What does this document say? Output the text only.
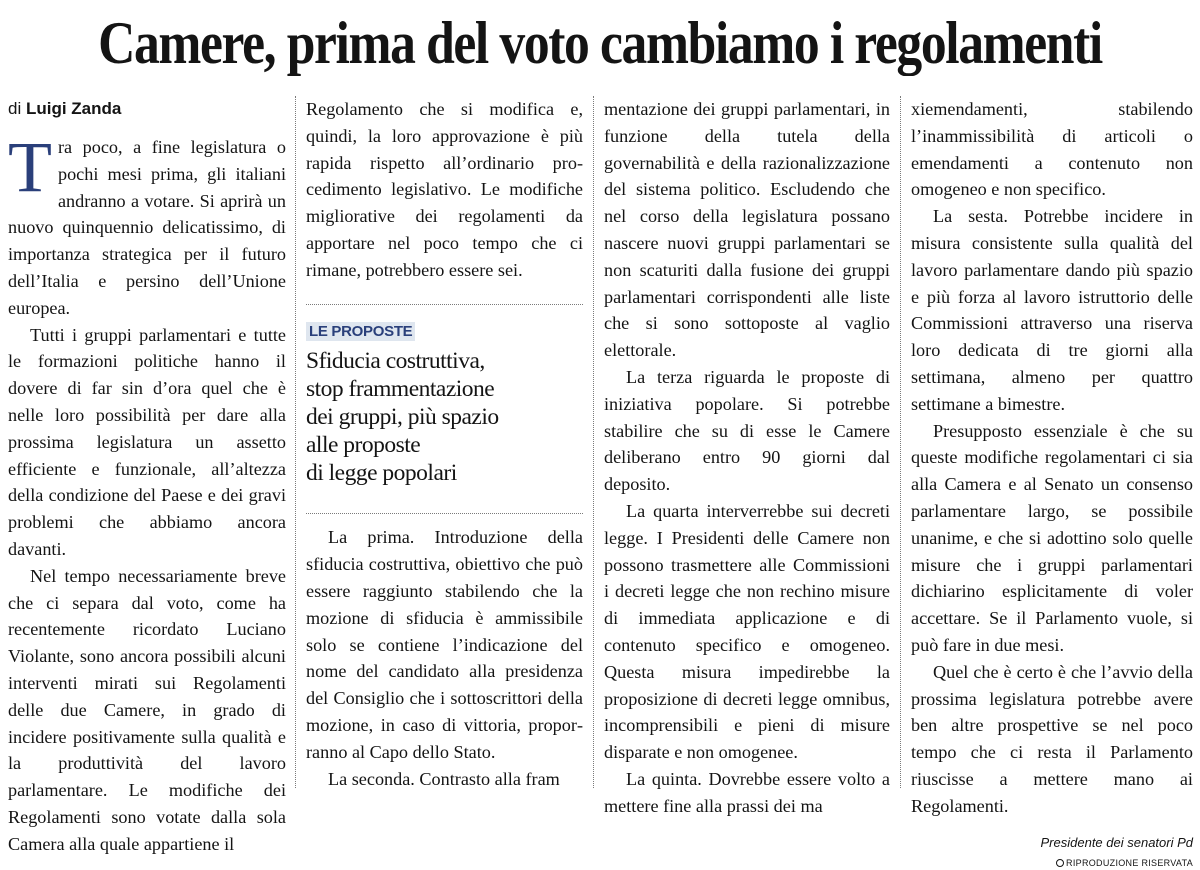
Camere, prima del voto cambiamo i regolamenti
di Luigi Zanda

Tra poco, a fine legislatura o pochi mesi prima, gli italiani andranno a votare. Si aprirà un nuovo quinquennio delicatissimo, di importanza strategica per il futuro dell’Italia e persino dell’Unione europea.

Tutti i gruppi parlamentari e tutte le formazioni politiche hanno il dovere di far sin d’ora quel che è nelle loro possibilità per dare alla prossima legislatura un assetto efficiente e funzionale, all’altezza della condizione del Paese e dei gravi problemi che abbiamo ancora davanti.

Nel tempo necessariamente breve che ci separa dal voto, come ha recentemente ricordato Luciano Violante, sono ancora possibili alcuni interventi mirati sui Regolamenti delle due Camere, in grado di incidere positivamente sulla qualità e la produttività del lavoro parlamentare. Le modifiche dei Regolamenti sono votate dalla sola Camera alla quale appartiene il

Regolamento che si modifica e, quindi, la loro approvazione è più rapida rispetto all’ordinario procedimento legislativo. Le modifiche migliorative dei regolamenti da apportare nel poco tempo che ci rimane, potrebbero essere sei.

LE PROPOSTE
Sfiducia costruttiva,
stop frammentazione
dei gruppi, più spazio
alle proposte
di legge popolari

La prima. Introduzione della sfiducia costruttiva, obiettivo che può essere raggiunto stabilendo che la mozione di sfiducia è ammissibile solo se contiene l’indicazione del nome del candidato alla presidenza del Consiglio che i sottoscrittori della mozione, in caso di vittoria, proporranno al Capo dello Stato.

La seconda. Contrasto alla fram

mentazione dei gruppi parlamentari, in funzione della tutela della governabilità e della razionalizzazione del sistema politico. Escludendo che nel corso della legislatura possano nascere nuovi gruppi parlamentari se non scaturiti dalla fusione dei gruppi parlamentari corrispondenti alle liste che si sono sottoposte al vaglio elettorale.

La terza riguarda le proposte di iniziativa popolare. Si potrebbe stabilire che su di esse le Camere deliberano entro 90 giorni dal deposito.

La quarta interverrebbe sui decreti legge. I Presidenti delle Camere non possono trasmettere alle Commissioni i decreti legge che non rechino misure di immediata applicazione e di contenuto specifico e omogeneo. Questa misura impedirebbe la proposizione di decreti legge omnibus, incomprensibili e pieni di misure disparate e non omogenee.

La quinta. Dovrebbe essere volto a mettere fine alla prassi dei ma

xiemendamenti, stabilendo l’inammissibilità di articoli o emendamenti a contenuto non omogeneo e non specifico.

La sesta. Potrebbe incidere in misura consistente sulla qualità del lavoro parlamentare dando più spazio e più forza al lavoro istruttorio delle Commissioni attraverso una riserva loro dedicata di tre giorni alla settimana, almeno per quattro settimane a bimestre.

Presupposto essenziale è che su queste modifiche regolamentari ci sia alla Camera e al Senato un consenso parlamentare largo, se possibile unanime, e che si adottino solo quelle misure che i gruppi parlamentari dichiarino esplicitamente di voler accettare. Se il Parlamento vuole, si può fare in due mesi.

Quel che è certo è che l’avvio della prossima legislatura potrebbe avere ben altre prospettive se nel poco tempo che ci resta il Parlamento riuscisse a mettere mano ai Regolamenti.

Presidente dei senatori Pd
RIPRODUZIONE RISERVATA
